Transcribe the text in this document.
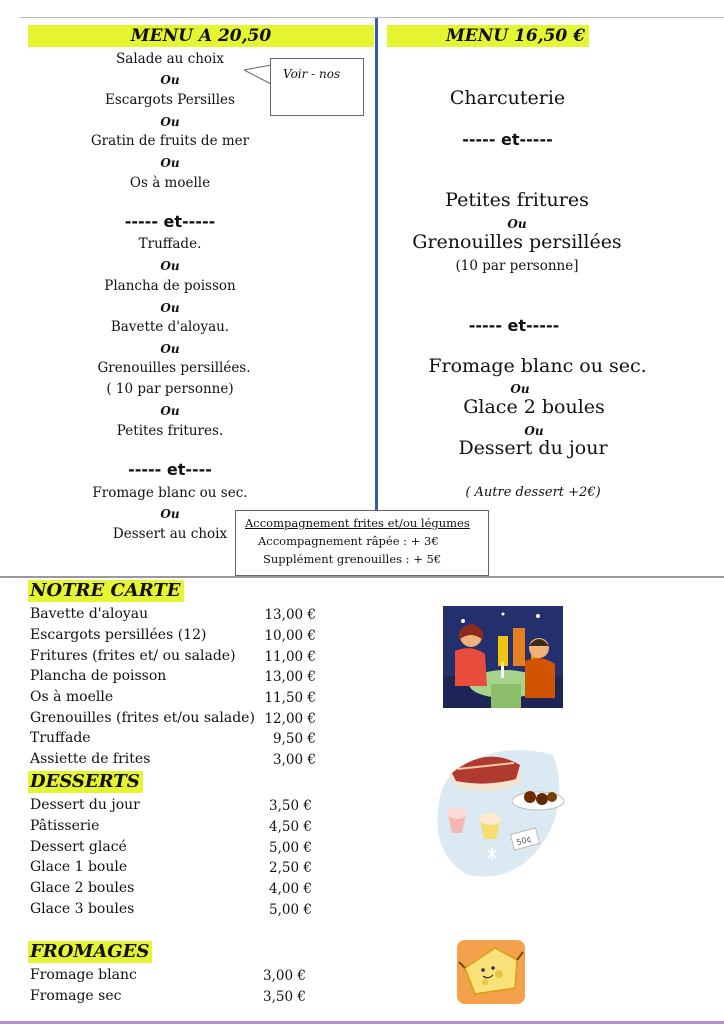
MENU A 20,50
Salade au choix
Ou
Escargots Persilles
Ou
Gratin de fruits de mer
Ou
Os à moelle
----- et-----
Truffade.
Ou
Plancha de poisson
Ou
Bavette d'aloyau.
Ou
Grenouilles persillées.
( 10 par personne)
Ou
Petites fritures.
----- et----
Fromage blanc ou sec.
Ou
Dessert au choix
Voir - nos
MENU 16,50 €
Charcuterie
----- et-----
Petites fritures
Ou
Grenouilles persillées
(10 par personne]
----- et-----
Fromage blanc ou sec.
Ou
Glace 2 boules
Ou
Dessert du jour
( Autre dessert +2€)
Accompagnement frites et/ou légumes
Accompagnement râpée : + 3€
Supplément grenouilles : + 5€
NOTRE CARTE
Bavette d'aloyau	13,00 €
Escargots persillées (12)	10,00 €
Fritures (frites et/ ou salade)	11,00 €
Plancha de poisson	13,00 €
Os à moelle	11,50 €
Grenouilles (frites et/ou salade) 12,00 €
Truffade	9,50 €
Assiette de frites	3,00 €
DESSERTS
Dessert du jour	3,50 €
Pâtisserie	4,50 €
Dessert glacé	5,00 €
Glace 1 boule	2,50 €
Glace 2 boules	4,00 €
Glace 3 boules	5,00 €
FROMAGES
Fromage blanc	3,00 €
Fromage sec	3,50 €
50¢
